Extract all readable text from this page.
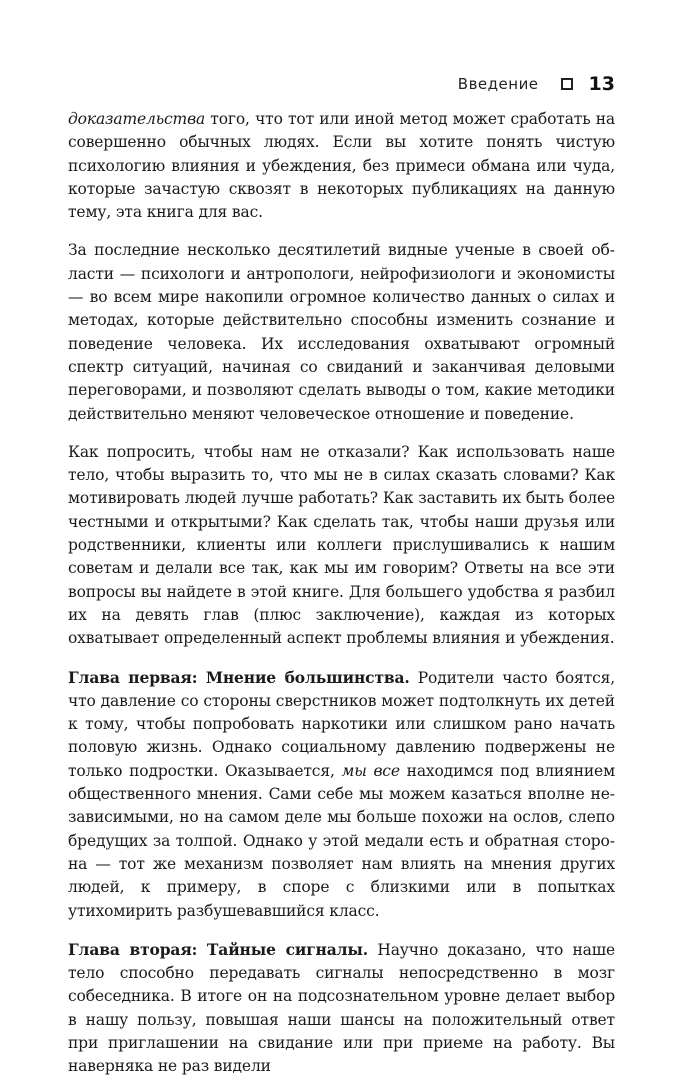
Введение	13

доказательства того, что тот или иной метод может сработать на совершенно обычных людях. Если вы хотите понять чистую психологию влияния и убеждения, без примеси обмана или чуда, которые зачастую сквозят в некоторых публикациях на данную тему, эта книга для вас.

За последние несколько десятилетий видные ученые в своей области — психологи и антропологи, нейрофизиологи и экономисты — во всем мире накопили огромное количество данных о силах и методах, которые действительно способны изменить сознание и поведение человека. Их исследования охватывают огромный спектр ситуаций, начиная со свиданий и заканчивая деловыми переговорами, и позволяют сделать выводы о том, какие методики действительно меняют человеческое отношение и поведение.

Как попросить, чтобы нам не отказали? Как использовать наше тело, чтобы выразить то, что мы не в силах сказать словами? Как мотивировать людей лучше работать? Как заставить их быть более честными и открытыми? Как сделать так, чтобы наши друзья или родственники, клиенты или коллеги прислушивались к нашим советам и делали все так, как мы им говорим? Ответы на все эти вопросы вы найдете в этой книге. Для большего удобства я разбил их на девять глав (плюс заключение), каждая из которых охватывает определенный аспект проблемы влияния и убеждения.

Глава первая: Мнение большинства. Родители часто боятся, что давление со стороны сверстников может подтолкнуть их детей к тому, чтобы попробовать наркотики или слишком рано начать половую жизнь. Однако социальному давлению подвержены не только подростки. Оказывается, мы все находимся под влиянием общественного мнения. Сами себе мы можем казаться вполне независимыми, но на самом деле мы больше похожи на ослов, слепо бредущих за толпой. Однако у этой медали есть и обратная сторона — тот же механизм позволяет нам влиять на мнения других людей, к примеру, в споре с близкими или в попытках утихомирить разбушевавшийся класс.

Глава вторая: Тайные сигналы. Научно доказано, что наше тело способно передавать сигналы непосредственно в мозг собеседника. В итоге он на подсознательном уровне делает выбор в нашу пользу, повышая наши шансы на положительный ответ при приглашении на свидание или при приеме на работу. Вы наверняка не раз видели
